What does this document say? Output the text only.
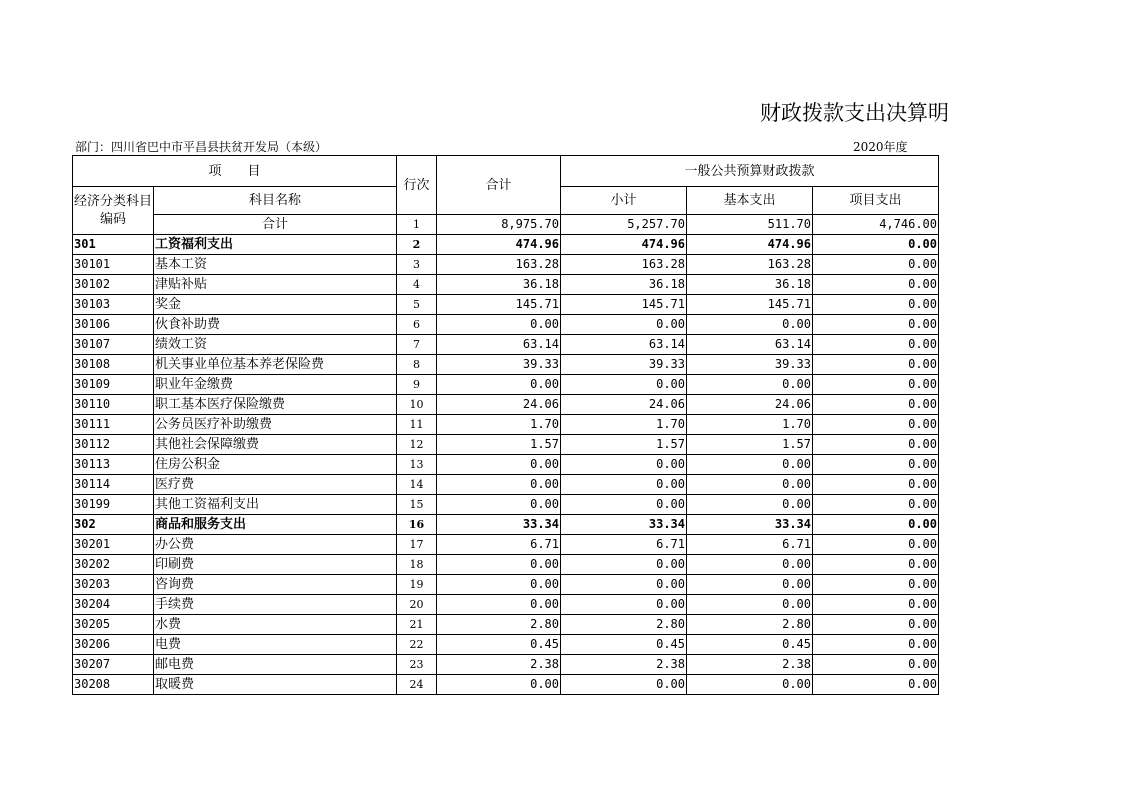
财政拨款支出决算明
部门：四川省巴中市平昌县扶贫开发局（本级）	2020年度
项　　目		行次	合计	一般公共预算财政拨款		
经济分类科目编码	科目名称			小计	基本支出	项目支出
	合计	1	8,975.70	5,257.70	511.70	4,746.00
301	工资福利支出	2	474.96	474.96	474.96	0.00
30101	基本工资	3	163.28	163.28	163.28	0.00
30102	津贴补贴	4	36.18	36.18	36.18	0.00
30103	奖金	5	145.71	145.71	145.71	0.00
30106	伙食补助费	6	0.00	0.00	0.00	0.00
30107	绩效工资	7	63.14	63.14	63.14	0.00
30108	机关事业单位基本养老保险费	8	39.33	39.33	39.33	0.00
30109	职业年金缴费	9	0.00	0.00	0.00	0.00
30110	职工基本医疗保险缴费	10	24.06	24.06	24.06	0.00
30111	公务员医疗补助缴费	11	1.70	1.70	1.70	0.00
30112	其他社会保障缴费	12	1.57	1.57	1.57	0.00
30113	住房公积金	13	0.00	0.00	0.00	0.00
30114	医疗费	14	0.00	0.00	0.00	0.00
30199	其他工资福利支出	15	0.00	0.00	0.00	0.00
302	商品和服务支出	16	33.34	33.34	33.34	0.00
30201	办公费	17	6.71	6.71	6.71	0.00
30202	印刷费	18	0.00	0.00	0.00	0.00
30203	咨询费	19	0.00	0.00	0.00	0.00
30204	手续费	20	0.00	0.00	0.00	0.00
30205	水费	21	2.80	2.80	2.80	0.00
30206	电费	22	0.45	0.45	0.45	0.00
30207	邮电费	23	2.38	2.38	2.38	0.00
30208	取暖费	24	0.00	0.00	0.00	0.00
